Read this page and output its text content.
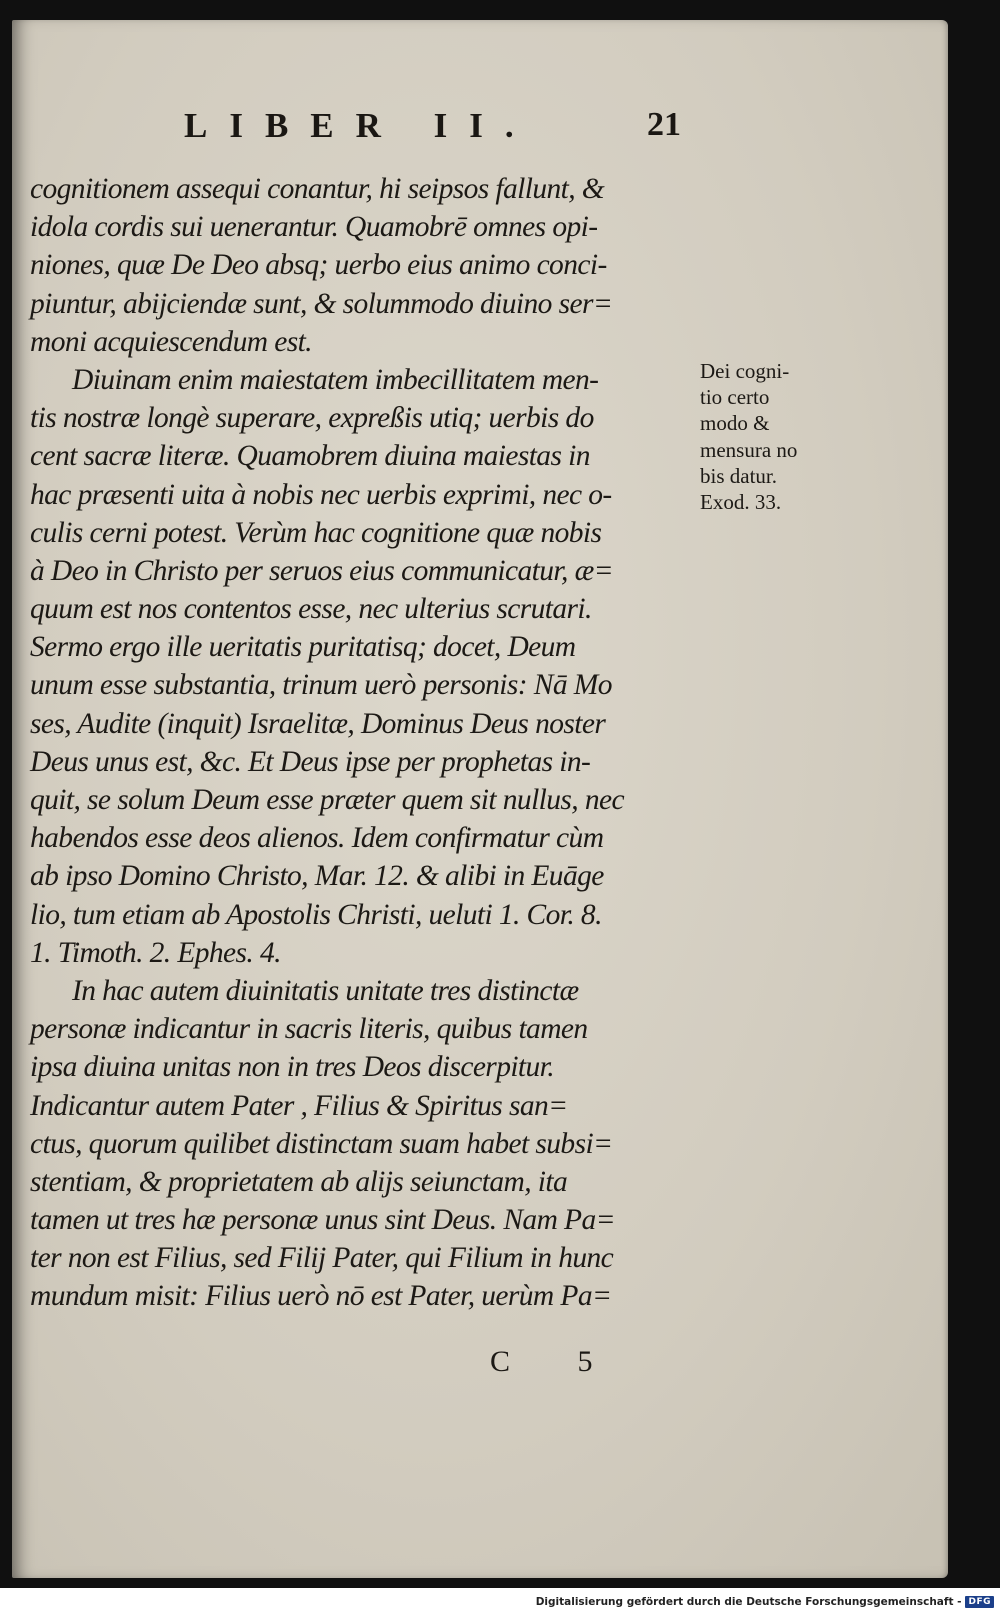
LIBER II.	21
cognitionem assequi conantur, hi seipsos fallunt, &
idola cordis sui uenerantur. Quamobrē omnes opi-
niones, quæ De Deo absq; uerbo eius animo conci-
piuntur, abijciendæ sunt, & solummodo diuino ser=
moni acquiescendum est.
Diuinam enim maiestatem imbecillitatem men-
tis nostræ longè superare, expreßis utiq; uerbis do
cent sacræ literæ. Quamobrem diuina maiestas in
hac præsenti uita à nobis nec uerbis exprimi, nec o-
culis cerni potest. Verùm hac cognitione quæ nobis
à Deo in Christo per seruos eius communicatur, æ=
quum est nos contentos esse, nec ulterius scrutari.
Sermo ergo ille ueritatis puritatisq; docet, Deum
unum esse substantia, trinum uerò personis: Nā Mo
ses, Audite (inquit) Israelitæ, Dominus Deus noster
Deus unus est, &c. Et Deus ipse per prophetas in-
quit, se solum Deum esse præter quem sit nullus, nec
habendos esse deos alienos. Idem confirmatur cùm
ab ipso Domino Christo, Mar. 12. & alibi in Euāge
lio, tum etiam ab Apostolis Christi, ueluti 1. Cor. 8.
1. Timoth. 2. Ephes. 4.
In hac autem diuinitatis unitate tres distinctæ
personæ indicantur in sacris literis, quibus tamen
ipsa diuina unitas non in tres Deos discerpitur.
Indicantur autem Pater , Filius & Spiritus san=
ctus, quorum quilibet distinctam suam habet subsi=
stentiam, & proprietatem ab alijs seiunctam, ita
tamen ut tres hæ personæ unus sint Deus. Nam Pa=
ter non est Filius, sed Filij Pater, qui Filium in hunc
mundum misit: Filius uerò nō est Pater, uerùm Pa=
Dei cogni-
tio certo
modo &
mensura no
bis datur.
Exod. 33.
C 5
Digitalisierung gefördert durch die Deutsche Forschungsgemeinschaft - DFG
